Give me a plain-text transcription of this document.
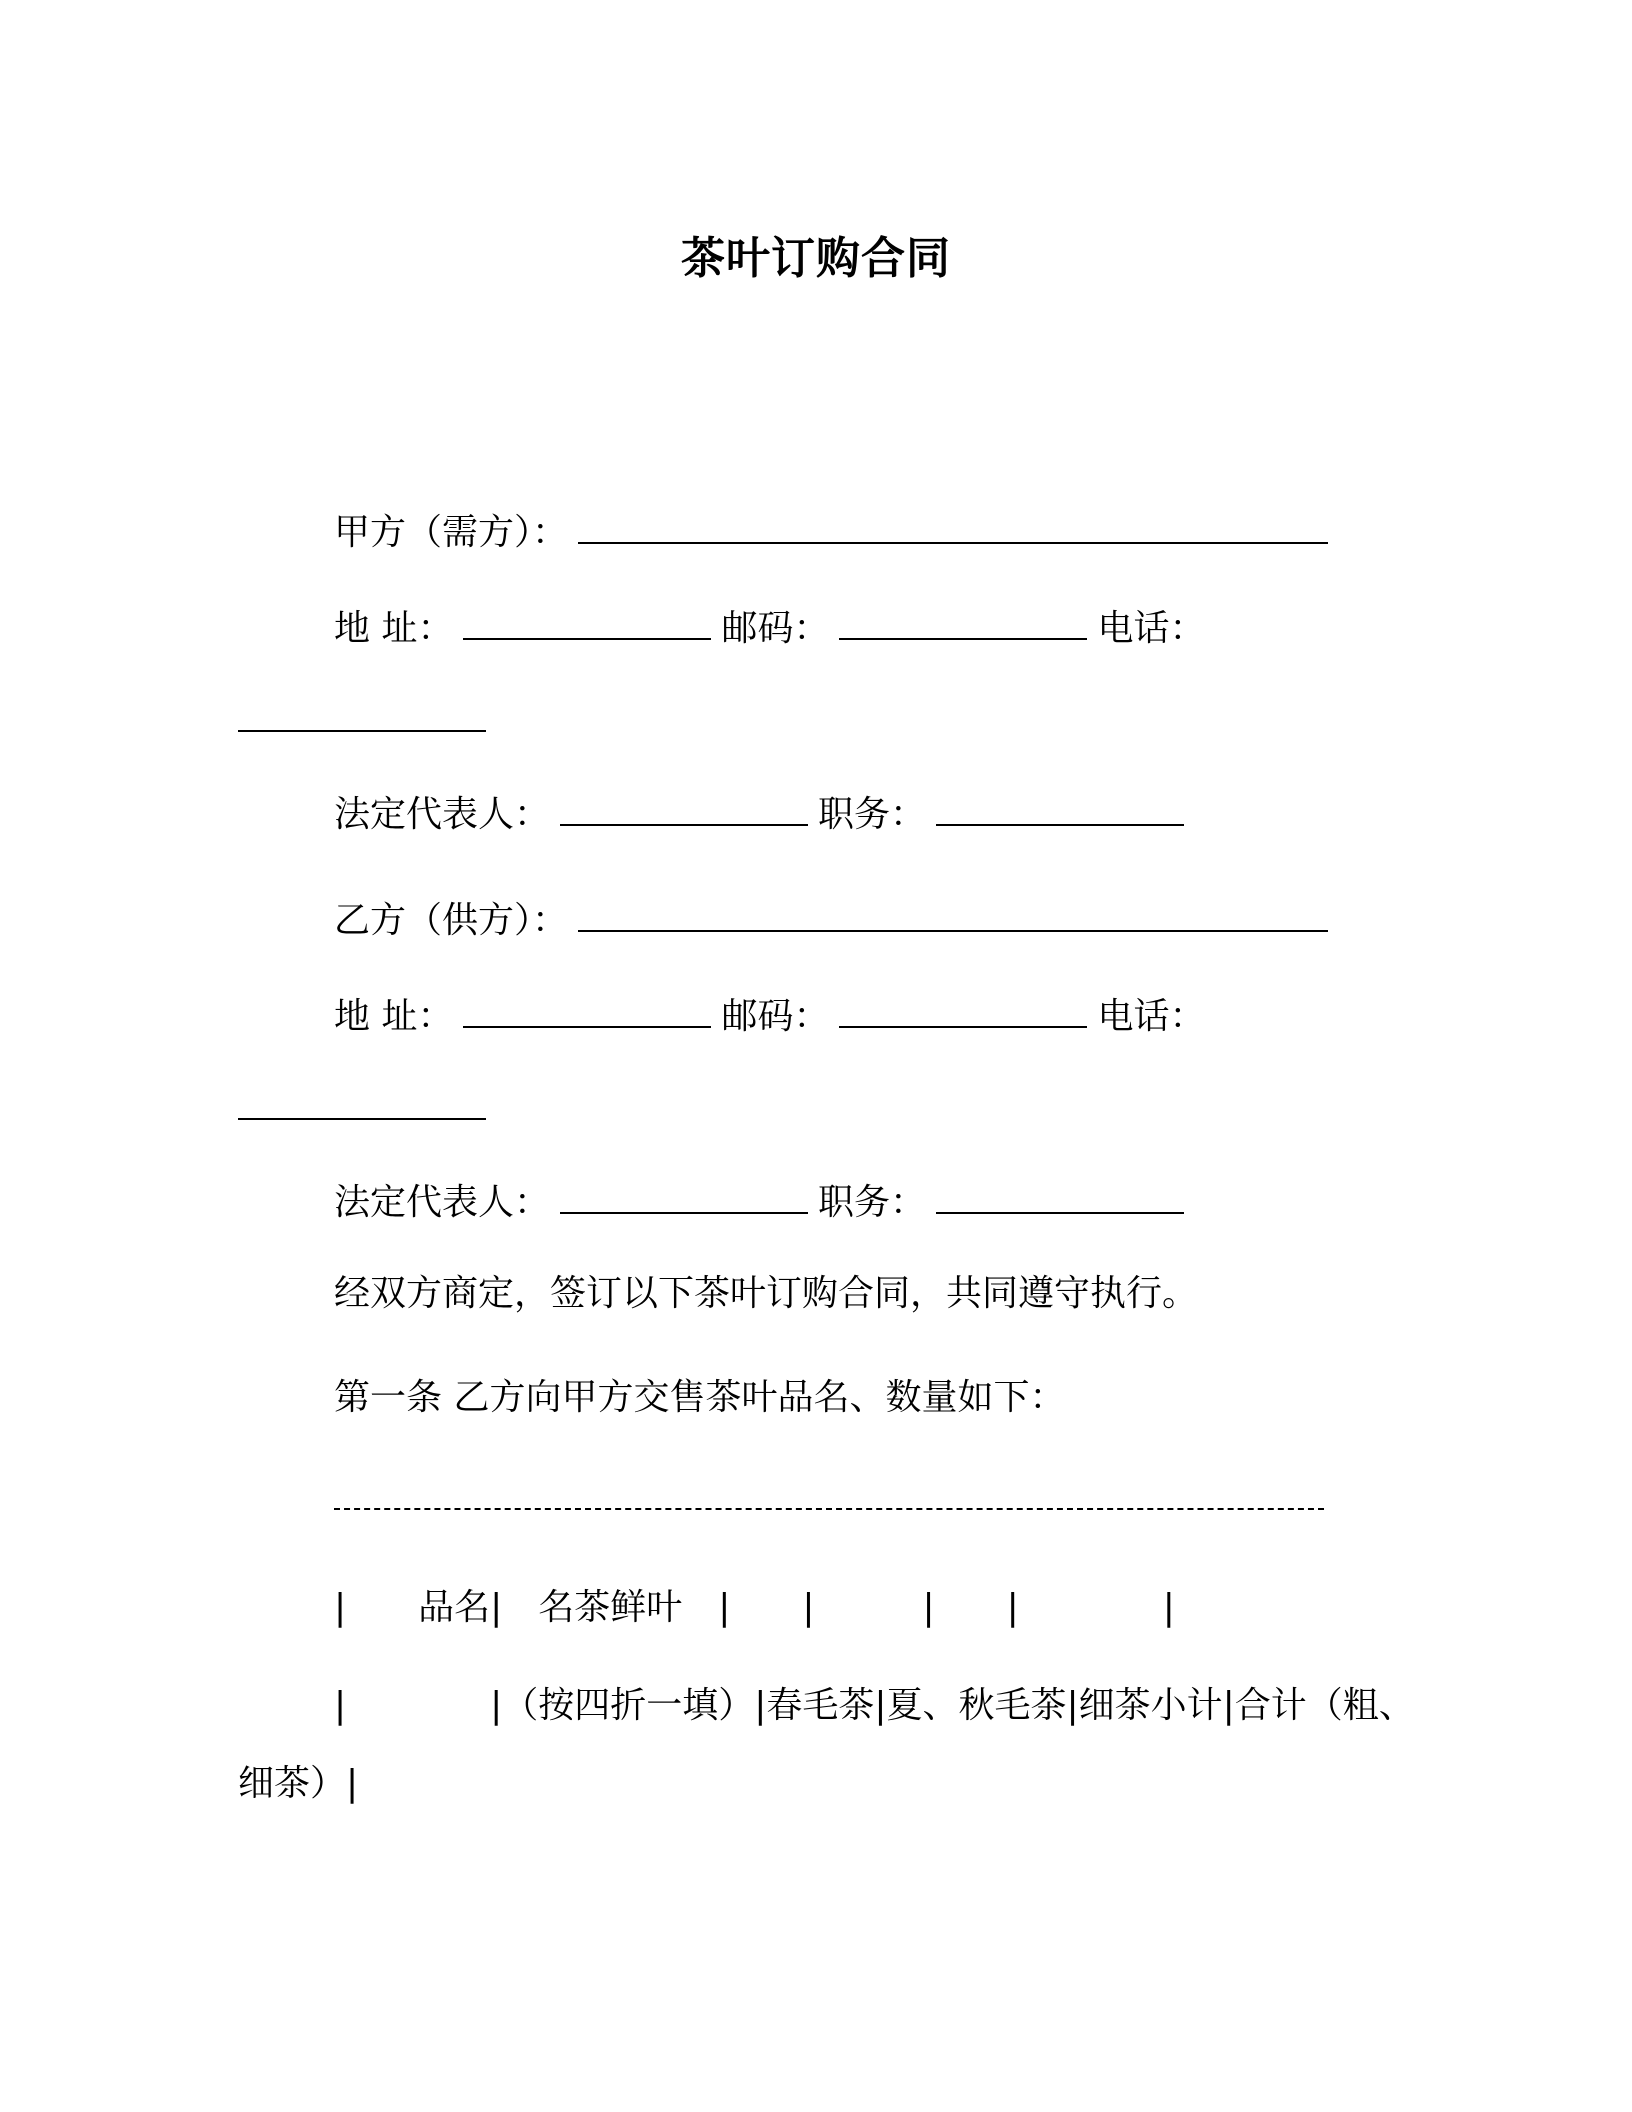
茶叶订购合同
甲方（需方）：
地 址：	邮码：	电话：
法定代表人：	职务：
乙方（供方）：
地 址：	邮码：	电话：
法定代表人：	职务：
经双方商定，签订以下茶叶订购合同，共同遵守执行。
第一条 乙方向甲方交售茶叶品名、数量如下：
|　　品名|　名茶鲜叶　|　　|　　　|　　|　　　　|
|　　　　|（按四折一填）|春毛茶|夏、秋毛茶|细茶小计|合计（粗、
细茶）|
